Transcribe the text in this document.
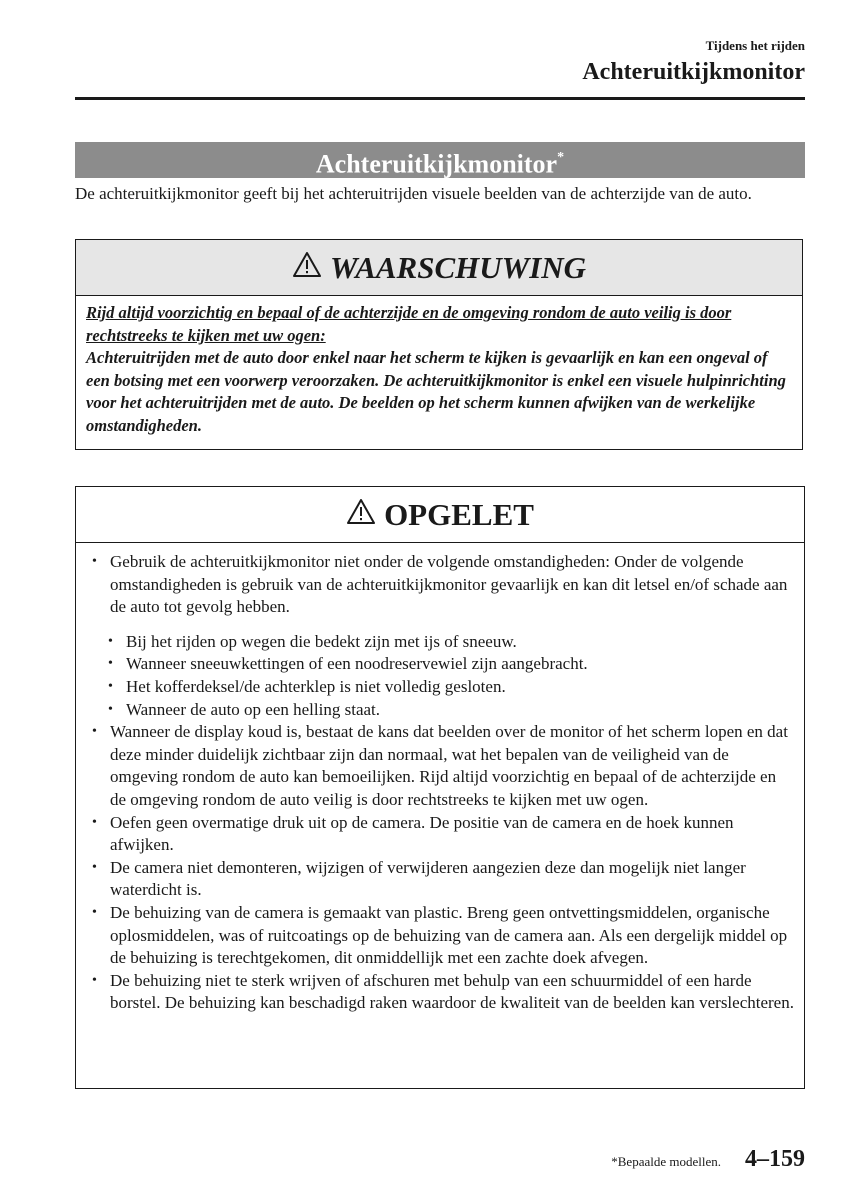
Tijdens het rijden
Achteruitkijkmonitor
Achteruitkijkmonitor*
De achteruitkijkmonitor geeft bij het achteruitrijden visuele beelden van de achterzijde van de auto.
WAARSCHUWING
Rijd altijd voorzichtig en bepaal of de achterzijde en de omgeving rondom de auto veilig is door rechtstreeks te kijken met uw ogen:
Achteruitrijden met de auto door enkel naar het scherm te kijken is gevaarlijk en kan een ongeval of een botsing met een voorwerp veroorzaken. De achteruitkijkmonitor is enkel een visuele hulpinrichting voor het achteruitrijden met de auto. De beelden op het scherm kunnen afwijken van de werkelijke omstandigheden.
OPGELET
• Gebruik de achteruitkijkmonitor niet onder de volgende omstandigheden: Onder de volgende omstandigheden is gebruik van de achteruitkijkmonitor gevaarlijk en kan dit letsel en/of schade aan de auto tot gevolg hebben.
• Bij het rijden op wegen die bedekt zijn met ijs of sneeuw.
• Wanneer sneeuwkettingen of een noodreservewiel zijn aangebracht.
• Het kofferdeksel/de achterklep is niet volledig gesloten.
• Wanneer de auto op een helling staat.
• Wanneer de display koud is, bestaat de kans dat beelden over de monitor of het scherm lopen en dat deze minder duidelijk zichtbaar zijn dan normaal, wat het bepalen van de veiligheid van de omgeving rondom de auto kan bemoeilijken. Rijd altijd voorzichtig en bepaal of de achterzijde en de omgeving rondom de auto veilig is door rechtstreeks te kijken met uw ogen.
• Oefen geen overmatige druk uit op de camera. De positie van de camera en de hoek kunnen afwijken.
• De camera niet demonteren, wijzigen of verwijderen aangezien deze dan mogelijk niet langer waterdicht is.
• De behuizing van de camera is gemaakt van plastic. Breng geen ontvettingsmiddelen, organische oplosmiddelen, was of ruitcoatings op de behuizing van de camera aan. Als een dergelijk middel op de behuizing is terechtgekomen, dit onmiddellijk met een zachte doek afvegen.
• De behuizing niet te sterk wrijven of afschuren met behulp van een schuurmiddel of een harde borstel. De behuizing kan beschadigd raken waardoor de kwaliteit van de beelden kan verslechteren.
*Bepaalde modellen. 4–159
